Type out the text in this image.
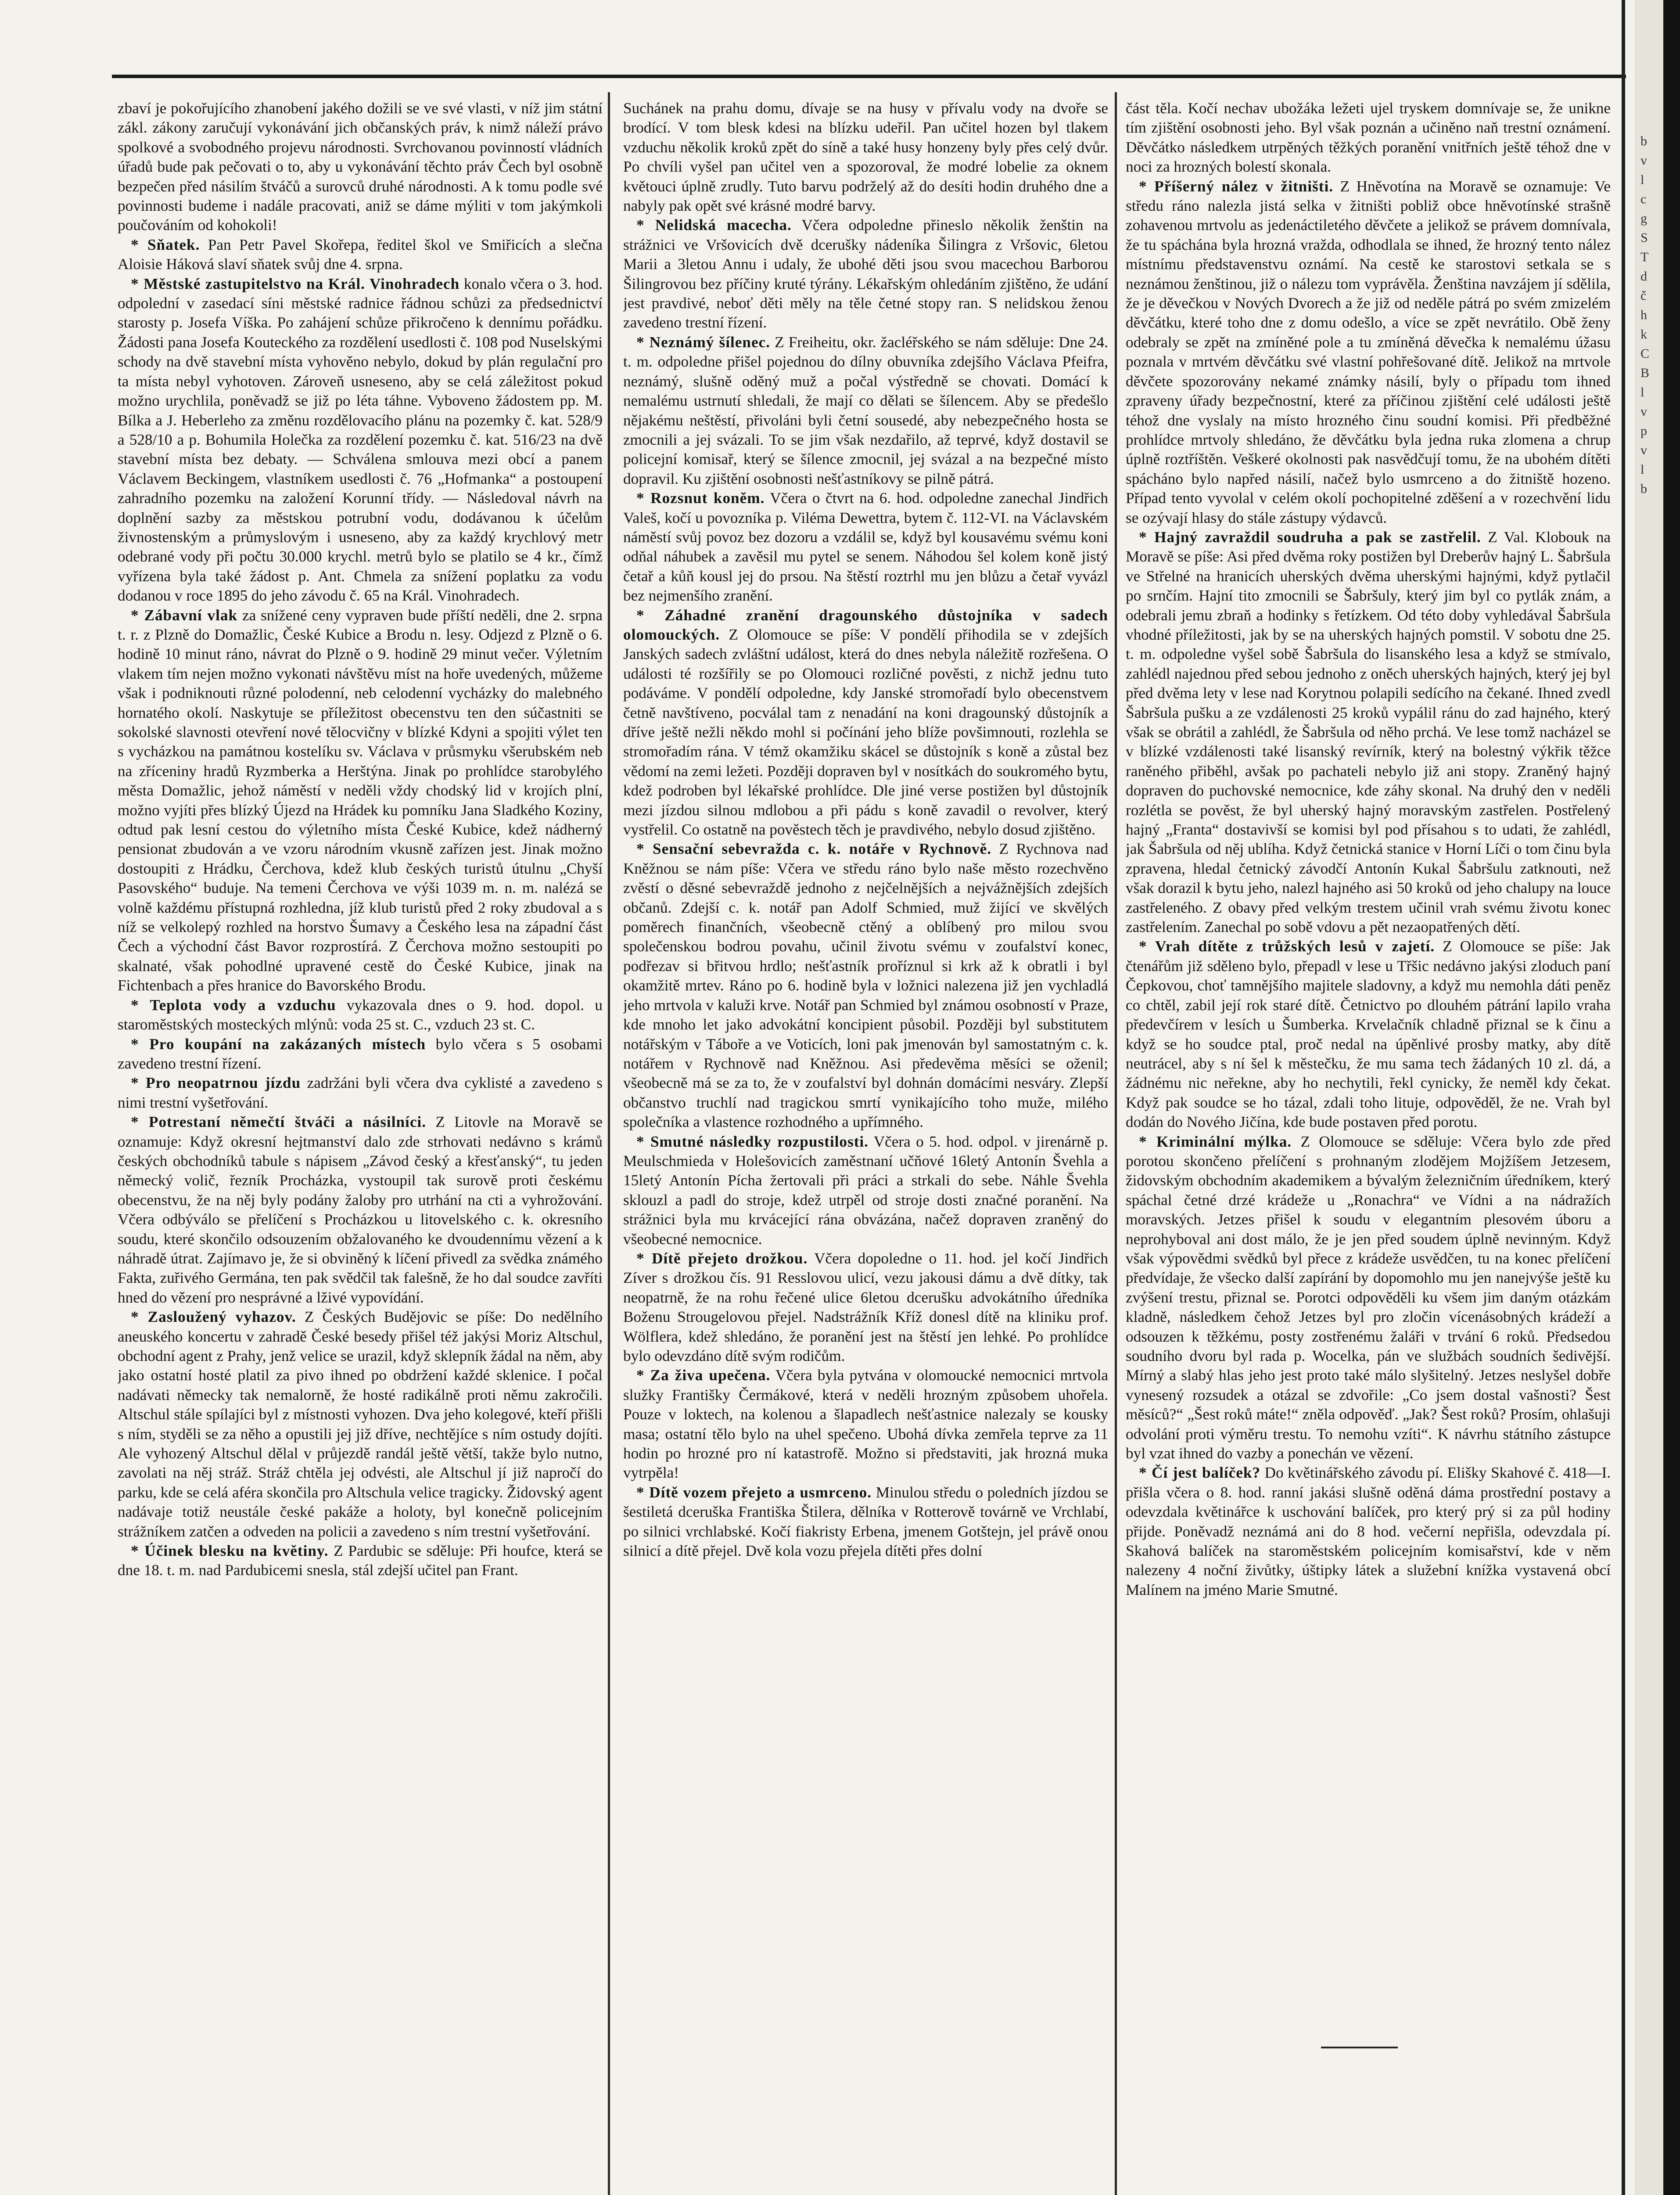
zbaví je pokořujícího zhanobení jakého dožili se ve své vlasti, v níž jim státní zákl. zákony zaručují vykonávání jich občanských práv, k nimž náleží právo spolkové a svobodného projevu národnosti. Svrchovanou povinností vládních úřadů bude pak pečovati o to, aby u vykonávání těchto práv Čech byl osobně bezpečen před násilím štváčů a surovců druhé národnosti. A k tomu podle své povinnosti budeme i nadále pracovati, aniž se dáme mýliti v tom jakýmkoli poučováním od kohokoli!

* Sňatek. Pan Petr Pavel Skořepa, ředitel škol ve Smiřicích a slečna Aloisie Háková slaví sňatek svůj dne 4. srpna.

* Městské zastupitelstvo na Král. Vinohradech konalo včera o 3. hod. odpolední v zasedací síni městské radnice řádnou schůzi za předsednictví starosty p. Josefa Víška. Po zahájení schůze přikročeno k dennímu pořádku. Žádosti pana Josefa Kouteckého za rozdělení usedlosti č. 108 pod Nuselskými schody na dvě stavební místa vyhověno nebylo, dokud by plán regulační pro ta místa nebyl vyhotoven. Zároveň usneseno, aby se celá záležitost pokud možno urychlila, poněvadž se již po léta táhne. Vyboveno žádostem pp. M. Bílka a J. Heberleho za změnu rozdělovacího plánu na pozemky č. kat. 528/9 a 528/10 a p. Bohumila Holečka za rozdělení pozemku č. kat. 516/23 na dvě stavební místa bez debaty. — Schválena smlouva mezi obcí a panem Václavem Beckingem, vlastníkem usedlosti č. 76 „Hofmanka“ a postoupení zahradního pozemku na založení Korunní třídy. — Následoval návrh na doplnění sazby za městskou potrubní vodu, dodávanou k účelům živnostenským a průmyslovým i usneseno, aby za každý krychlový metr odebrané vody při počtu 30.000 krychl. metrů bylo se platilo se 4 kr., čímž vyřízena byla také žádost p. Ant. Chmela za snížení poplatku za vodu dodanou v roce 1895 do jeho závodu č. 65 na Král. Vinohradech.

* Zábavní vlak za snížené ceny vypraven bude příští neděli, dne 2. srpna t. r. z Plzně do Domažlic, České Kubice a Brodu n. lesy. Odjezd z Plzně o 6. hodině 10 minut ráno, návrat do Plzně o 9. hodině 29 minut večer. Výletním vlakem tím nejen možno vykonati návštěvu míst na hoře uvedených, můžeme však i podniknouti různé polodenní, neb celodenní vycházky do malebného hornatého okolí. Naskytuje se příležitost obecenstvu ten den súčastniti se sokolské slavnosti otevření nové tělocvičny v blízké Kdyni a spojiti výlet ten s vycházkou na památnou kostelíku sv. Václava v průsmyku všerubském neb na zříceniny hradů Ryzmberka a Herštýna. Jinak po prohlídce starobylého města Domažlic, jehož náměstí v neděli vždy chodský lid v krojích plní, možno vyjíti přes blízký Újezd na Hrádek ku pomníku Jana Sladkého Koziny, odtud pak lesní cestou do výletního místa České Kubice, kdež nádherný pensionat zbudován a ve vzoru národním vkusně zařízen jest. Jinak možno dostoupiti z Hrádku, Čerchova, kdež klub českých turistů útulnu „Chyší Pasovského“ buduje. Na temeni Čerchova ve výši 1039 m. n. m. nalézá se volně každému přístupná rozhledna, jíž klub turistů před 2 roky zbudoval a s níž se velkolepý rozhled na horstvo Šumavy a Českého lesa na západní část Čech a východní část Bavor rozprostírá. Z Čerchova možno sestoupiti po skalnaté, však pohodlné upravené cestě do České Kubice, jinak na Fichtenbach a přes hranice do Bavorského Brodu.

* Teplota vody a vzduchu vykazovala dnes o 9. hod. dopol. u staroměstských mosteckých mlýnů: voda 25 st. C., vzduch 23 st. C.

* Pro koupání na zakázaných místech bylo včera s 5 osobami zavedeno trestní řízení.

* Pro neopatrnou jízdu zadržáni byli včera dva cyklisté a zavedeno s nimi trestní vyšetřování.

* Potrestaní němečtí štváči a násilníci. Z Litovle na Moravě se oznamuje: Když okresní hejtmanství dalo zde strhovati nedávno s krámů českých obchodníků tabule s nápisem „Závod český a křesťanský“, tu jeden německý volič, řezník Procházka, vystoupil tak surově proti českému obecenstvu, že na něj byly podány žaloby pro utrhání na cti a vyhrožování. Včera odbýválo se přelíčení s Procházkou u litovelského c. k. okresního soudu, které skončilo odsouzením obžalovaného ke dvoudennímu vězení a k náhradě útrat. Zajímavo je, že si obviněný k líčení přivedl za svědka známého Fakta, zuřivého Germána, ten pak svědčil tak falešně, že ho dal soudce zavříti hned do vězení pro nesprávné a lživé vypovídání.

* Zasloužený vyhazov. Z Českých Budějovic se píše: Do nedělního aneuského koncertu v zahradě České besedy přišel též jakýsi Moriz Altschul, obchodní agent z Prahy, jenž velice se urazil, když sklepník žádal na něm, aby jako ostatní hosté platil za pivo ihned po obdržení každé sklenice. I počal nadávati německy tak nemalorně, že hosté radikálně proti němu zakročili. Altschul stále spílajíci byl z místnosti vyhozen. Dva jeho kolegové, kteří přišli s ním, styděli se za něho a opustili jej již dříve, nechtějíce s ním ostudy dojíti. Ale vyhozený Altschul dělal v průjezdě randál ještě větší, takže bylo nutno, zavolati na něj stráž. Stráž chtěla jej odvésti, ale Altschul jí již napročí do parku, kde se celá aféra skončila pro Altschula velice tragicky. Židovský agent nadávaje totiž neustále české pakáže a holoty, byl konečně policejním strážníkem zatčen a odveden na policii a zavedeno s ním trestní vyšetřování.

* Účinek blesku na květiny. Z Pardubic se sděluje: Při houfce, která se dne 18. t. m. nad Pardubicemi snesla, stál zdejší učitel pan Frant.

Suchánek na prahu domu, dívaje se na husy v přívalu vody na dvoře se brodící. V tom blesk kdesi na blízku udeřil. Pan učitel hozen byl tlakem vzduchu několik kroků zpět do síně a také husy honzeny byly přes celý dvůr. Po chvíli vyšel pan učitel ven a spozoroval, že modré lobelie za oknem květouci úplně zrudly. Tuto barvu podrželý až do desíti hodin druhého dne a nabyly pak opět své krásné modré barvy.

* Nelidská macecha. Včera odpoledne přineslo několik ženštin na strážnici ve Vršovicích dvě dcerušky nádeníka Šilingra z Vršovic, 6letou Marii a 3letou Annu i udaly, že ubohé děti jsou svou macechou Barborou Šilingrovou bez příčiny kruté týrány. Lékařským ohledáním zjištěno, že udání jest pravdivé, neboť děti měly na těle četné stopy ran. S nelidskou ženou zavedeno trestní řízení.

* Neznámý šílenec. Z Freiheitu, okr. žacléřského se nám sděluje: Dne 24. t. m. odpoledne přišel pojednou do dílny obuvníka zdejšího Václava Pfeifra, neznámý, slušně oděný muž a počal výstředně se chovati. Domácí k nemalému ustrnutí shledali, že mají co dělati se šílencem. Aby se předešlo nějakému neštěstí, přivoláni byli četní sousedé, aby nebezpečného hosta se zmocnili a jej svázali. To se jim však nezdařilo, až teprvé, když dostavil se policejní komisař, který se šílence zmocnil, jej svázal a na bezpečné místo dopravil. Ku zjištění osobnosti nešťastníkovy se pilně pátrá.

* Rozsnut koněm. Včera o čtvrt na 6. hod. odpoledne zanechal Jindřich Valeš, kočí u povozníka p. Viléma Dewettra, bytem č. 112-VI. na Václavském náměstí svůj povoz bez dozoru a vzdálil se, když byl kousavému svému koni odňal náhubek a zavěsil mu pytel se senem. Náhodou šel kolem koně jistý četař a kůň kousl jej do prsou. Na štěstí roztrhl mu jen blůzu a četař vyvázl bez nejmenšího zranění.

* Záhadné zranění dragounského důstojníka v sadech olomouckých. Z Olomouce se píše: V pondělí přihodila se v zdejších Janských sadech zvláštní událost, která do dnes nebyla náležitě rozřešena. O události té rozšířily se po Olomouci rozličné pověsti, z nichž jednu tuto podáváme. V pondělí odpoledne, kdy Janské stromořadí bylo obecenstvem četně navštíveno, pocválal tam z nenadání na koni dragounský důstojník a dříve ještě nežli někdo mohl si počínání jeho blíže povšimnouti, rozlehla se stromořadím rána. V témž okamžiku skácel se důstojník s koně a zůstal bez vědomí na zemi ležeti. Později dopraven byl v nosítkách do soukromého bytu, kdež podroben byl lékařské prohlídce. Dle jiné verse postižen byl důstojník mezi jízdou silnou mdlobou a při pádu s koně zavadil o revolver, který vystřelil. Co ostatně na pověstech těch je pravdivého, nebylo dosud zjištěno.

* Sensační sebevražda c. k. notáře v Rychnově. Z Rychnova nad Kněžnou se nám píše: Včera ve středu ráno bylo naše město rozechvěno zvěstí o děsné sebevraždě jednoho z nejčelnějších a nejvážnějších zdejších občanů. Zdejší c. k. notář pan Adolf Schmied, muž žijící ve skvělých poměrech finančních, všeobecně ctěný a oblíbený pro milou svou společenskou bodrou povahu, učinil životu svému v zoufalství konec, podřezav si břitvou hrdlo; nešťastník proříznul si krk až k obratli i byl okamžitě mrtev. Ráno po 6. hodině byla v ložnici nalezena již jen vychladlá jeho mrtvola v kaluži krve. Notář pan Schmied byl známou osobností v Praze, kde mnoho let jako advokátní koncipient působil. Později byl substitutem notářským v Táboře a ve Voticích, loni pak jmenován byl samostatným c. k. notářem v Rychnově nad Kněžnou. Asi předevěma měsíci se oženil; všeobecně má se za to, že v zoufalství byl dohnán domácími nesváry. Zlepší občanstvo truchlí nad tragickou smrtí vynikajícího toho muže, milého společníka a vlastence rozhodného a upřímného.

* Smutné následky rozpustilosti. Včera o 5. hod. odpol. v jirenárně p. Meulschmieda v Holešovicích zaměstnaní učňové 16letý Antonín Švehla a 15letý Antonín Pícha žertovali při práci a strkali do sebe. Náhle Švehla sklouzl a padl do stroje, kdež utrpěl od stroje dosti značné poranění. Na strážnici byla mu krvácející rána obvázána, načež dopraven zraněný do všeobecné nemocnice.

* Dítě přejeto drožkou. Včera dopoledne o 11. hod. jel kočí Jindřich Zíver s drožkou čís. 91 Resslovou ulicí, vezu jakousi dámu a dvě dítky, tak neopatrně, že na rohu řečené ulice 6letou dcerušku advokátního úředníka Boženu Strougelovou přejel. Nadstrážník Kříž donesl dítě na kliniku prof. Wölflera, kdež shledáno, že poranění jest na štěstí jen lehké. Po prohlídce bylo odevzdáno dítě svým rodičům.

* Za živa upečena. Včera byla pytvána v olomoucké nemocnici mrtvola služky Františky Čermákové, která v neděli hrozným způsobem uhořela. Pouze v loktech, na kolenou a šlapadlech nešťastnice nalezaly se kousky masa; ostatní tělo bylo na uhel spečeno. Ubohá dívka zemřela teprve za 11 hodin po hrozné pro ní katastrofě. Možno si představiti, jak hrozná muka vytrpěla!

* Dítě vozem přejeto a usmrceno. Minulou středu o poledních jízdou se šestiletá dceruška Františka Štilera, dělníka v Rotterově továrně ve Vrchlabí, po silnici vrchlabské. Kočí fiakristy Erbena, jmenem Gotštejn, jel právě onou silnicí a dítě přejel. Dvě kola vozu přejela dítěti přes dolní

část těla. Kočí nechav ubožáka ležeti ujel tryskem domnívaje se, že unikne tím zjištění osobnosti jeho. Byl však poznán a učiněno naň trestní oznámení. Děvčátko následkem utrpěných těžkých poranění vnitřních ještě téhož dne v noci za hrozných bolestí skonala.

* Příšerný nález v žitništi. Z Hněvotína na Moravě se oznamuje: Ve středu ráno nalezla jistá selka v žitništi pobliž obce hněvotínské strašně zohavenou mrtvolu as jedenáctiletého děvčete a jelikož se právem domnívala, že tu spáchána byla hrozná vražda, odhodlala se ihned, že hrozný tento nález místnímu představenstvu oznámí. Na cestě ke starostovi setkala se s neznámou ženštinou, již o nálezu tom vyprávěla. Ženština navzájem jí sdělila, že je děvečkou v Nových Dvorech a že již od neděle pátrá po svém zmizelém děvčátku, které toho dne z domu odešlo, a více se zpět nevrátilo. Obě ženy odebraly se zpět na zmíněné pole a tu zmíněná děvečka k nemalému úžasu poznala v mrtvém děvčátku své vlastní pohřešované dítě. Jelikož na mrtvole děvčete spozorovány nekamé známky násilí, byly o případu tom ihned zpraveny úřady bezpečnostní, které za příčinou zjištění celé události ještě téhož dne vyslaly na místo hrozného činu soudní komisi. Při předběžné prohlídce mrtvoly shledáno, že děvčátku byla jedna ruka zlomena a chrup úplně roztříštěn. Veškeré okolnosti pak nasvědčují tomu, že na ubohém dítěti spácháno bylo napřed násilí, načež bylo usmrceno a do žitniště hozeno. Případ tento vyvolal v celém okolí pochopitelné zděšení a v rozechvění lidu se ozývají hlasy do stále zástupy výdavců.

* Hajný zavraždil soudruha a pak se zastřelil. Z Val. Klobouk na Moravě se píše: Asi před dvěma roky postižen byl Dreberův hajný L. Šabršula ve Střelné na hranicích uherských dvěma uherskými hajnými, když pytlačil po srnčím. Hajní tito zmocnili se Šabršuly, který jim byl co pytlák znám, a odebrali jemu zbraň a hodinky s řetízkem. Od této doby vyhledával Šabršula vhodné příležitosti, jak by se na uherských hajných pomstil. V sobotu dne 25. t. m. odpoledne vyšel sobě Šabršula do lisanského lesa a když se stmívalo, zahlédl najednou před sebou jednoho z oněch uherských hajných, který jej byl před dvěma lety v lese nad Korytnou polapili sedícího na čekané. Ihned zvedl Šabršula pušku a ze vzdálenosti 25 kroků vypálil ránu do zad hajného, který však se obrátil a zahlédl, že Šabršula od něho prchá. Ve lese tomž nacházel se v blízké vzdálenosti také lisanský revírník, který na bolestný výkřik těžce raněného přiběhl, avšak po pachateli nebylo již ani stopy. Zraněný hajný dopraven do puchovské nemocnice, kde záhy skonal. Na druhý den v neděli rozlétla se pověst, že byl uherský hajný moravským zastřelen. Postřelený hajný „Franta“ dostavivší se komisi byl pod přísahou s to udati, že zahlédl, jak Šabršula od něj ublíha. Když četnická stanice v Horní Líči o tom činu byla zpravena, hledal četnický závodčí Antonín Kukal Šabršulu zatknouti, než však dorazil k bytu jeho, nalezl hajného asi 50 kroků od jeho chalupy na louce zastřeleného. Z obavy před velkým trestem učinil vrah svému životu konec zastřelením. Zanechal po sobě vdovu a pět nezaopatřených dětí.

* Vrah dítěte z trůžských lesů v zajetí. Z Olomouce se píše: Jak čtenářům již sděleno bylo, přepadl v lese u Třšic nedávno jakýsi zloduch paní Čepkovou, choť tamnějšího majitele sladovny, a když mu nemohla dáti peněz co chtěl, zabil její rok staré dítě. Četnictvo po dlouhém pátrání lapilo vraha předevčírem v lesích u Šumberka. Krvelačník chladně přiznal se k činu a když se ho soudce ptal, proč nedal na úpěnlivé prosby matky, aby dítě neutrácel, aby s ní šel k městečku, že mu sama tech žádaných 10 zl. dá, a žádnému nic neřekne, aby ho nechytili, řekl cynicky, že neměl kdy čekat. Když pak soudce se ho tázal, zdali toho lituje, odpověděl, že ne. Vrah byl dodán do Nového Jičína, kde bude postaven před porotu.

* Kriminální mýlka. Z Olomouce se sděluje: Včera bylo zde před porotou skončeno přelíčení s prohnaným zlodějem Mojžíšem Jetzesem, židovským obchodním akademikem a bývalým železničním úředníkem, který spáchal četné drzé krádeže u „Ronachra“ ve Vídni a na nádražích moravských. Jetzes přišel k soudu v elegantním plesovém úboru a neprohyboval ani dost málo, že je jen před soudem úplně nevinným. Když však výpovědmi svědků byl přece z krádeže usvědčen, tu na konec přelíčení předvídaje, že všecko další zapírání by dopomohlo mu jen nanejvýše ještě ku zvýšení trestu, přiznal se. Porotci odpověděli ku všem jim daným otázkám kladně, následkem čehož Jetzes byl pro zločin vícenásobných krádeží a odsouzen k těžkému, posty zostřenému žaláři v trvání 6 roků. Předsedou soudního dvoru byl rada p. Wocelka, pán ve službách soudních šedivější. Mírný a slabý hlas jeho jest proto také málo slyšitelný. Jetzes neslyšel dobře vynesený rozsudek a otázal se zdvořile: „Co jsem dostal vašnosti? Šest měsíců?“ „Šest roků máte!“ zněla odpověď. „Jak? Šest roků? Prosím, ohlašuji odvolání proti výměru trestu. To nemohu vzíti“. K návrhu státního zástupce byl vzat ihned do vazby a ponechán ve vězení.

* Čí jest balíček? Do květinářského závodu pí. Elišky Skahové č. 418—I. přišla včera o 8. hod. ranní jakási slušně oděná dáma prostřední postavy a odevzdala květinářce k uschování balíček, pro který prý si za půl hodiny přijde. Poněvadž neznámá ani do 8 hod. večerní nepřišla, odevzdala pí. Skahová balíček na staroměstském policejním komisařství, kde v něm nalezeny 4 noční živůtky, úštipky látek a služební knížka vystavená obcí Malínem na jméno Marie Smutné.

b
v
l
c
g
S
T
d
č
h
k
C
B
l
v
p
v
l
b
